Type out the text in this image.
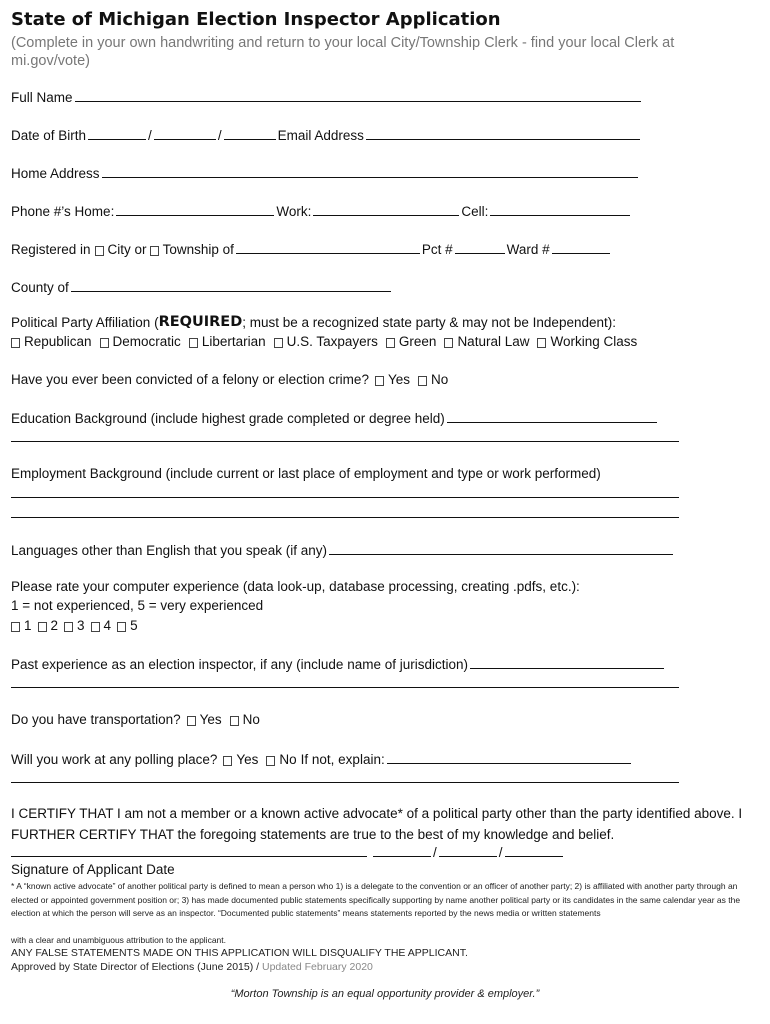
State of Michigan Election Inspector Application
(Complete in your own handwriting and return to your local City/Township Clerk - find your local Clerk at mi.gov/vote)
Full Name
Date of Birth	/	/	Email Address
Home Address
Phone #’s Home:	Work:	Cell:
Registered in City or Township of	Pct #	Ward #
County of
Political Party Affiliation ( REQUIRED ; must be a recognized state party & may not be Independent):
Republican Democratic Libertarian U.S. Taxpayers Green Natural Law Working Class
Have you ever been convicted of a felony or election crime? Yes No
Education Background (include highest grade completed or degree held)
Employment Background (include current or last place of employment and type or work performed)
Languages other than English that you speak (if any)
Please rate your computer experience (data look-up, database processing, creating .pdfs, etc.):
1 = not experienced, 5 = very experienced
1 2 3 4 5
Past experience as an election inspector, if any (include name of jurisdiction)
Do you have transportation? Yes No
Will you work at any polling place? Yes No If not, explain:
I CERTIFY THAT I am not a member or a known active advocate* of a political party other than the party identified above. I FURTHER CERTIFY THAT the foregoing statements are true to the best of my knowledge and belief.
/	/
Signature of Applicant Date
* A “known active advocate” of another political party is defined to mean a person who 1) is a delegate to the convention or an officer of another party; 2) is affiliated with another party through an elected or appointed government position or; 3) has made documented public statements specifically supporting by name another political party or its candidates in the same calendar year as the election at which the person will serve as an inspector. “Documented public statements” means statements reported by the news media or written statements
with a clear and unambiguous attribution to the applicant.
ANY FALSE STATEMENTS MADE ON THIS APPLICATION WILL DISQUALIFY THE APPLICANT.
Approved by State Director of Elections (June 2015) / Updated February 2020
“Morton Township is an equal opportunity provider & employer.”
